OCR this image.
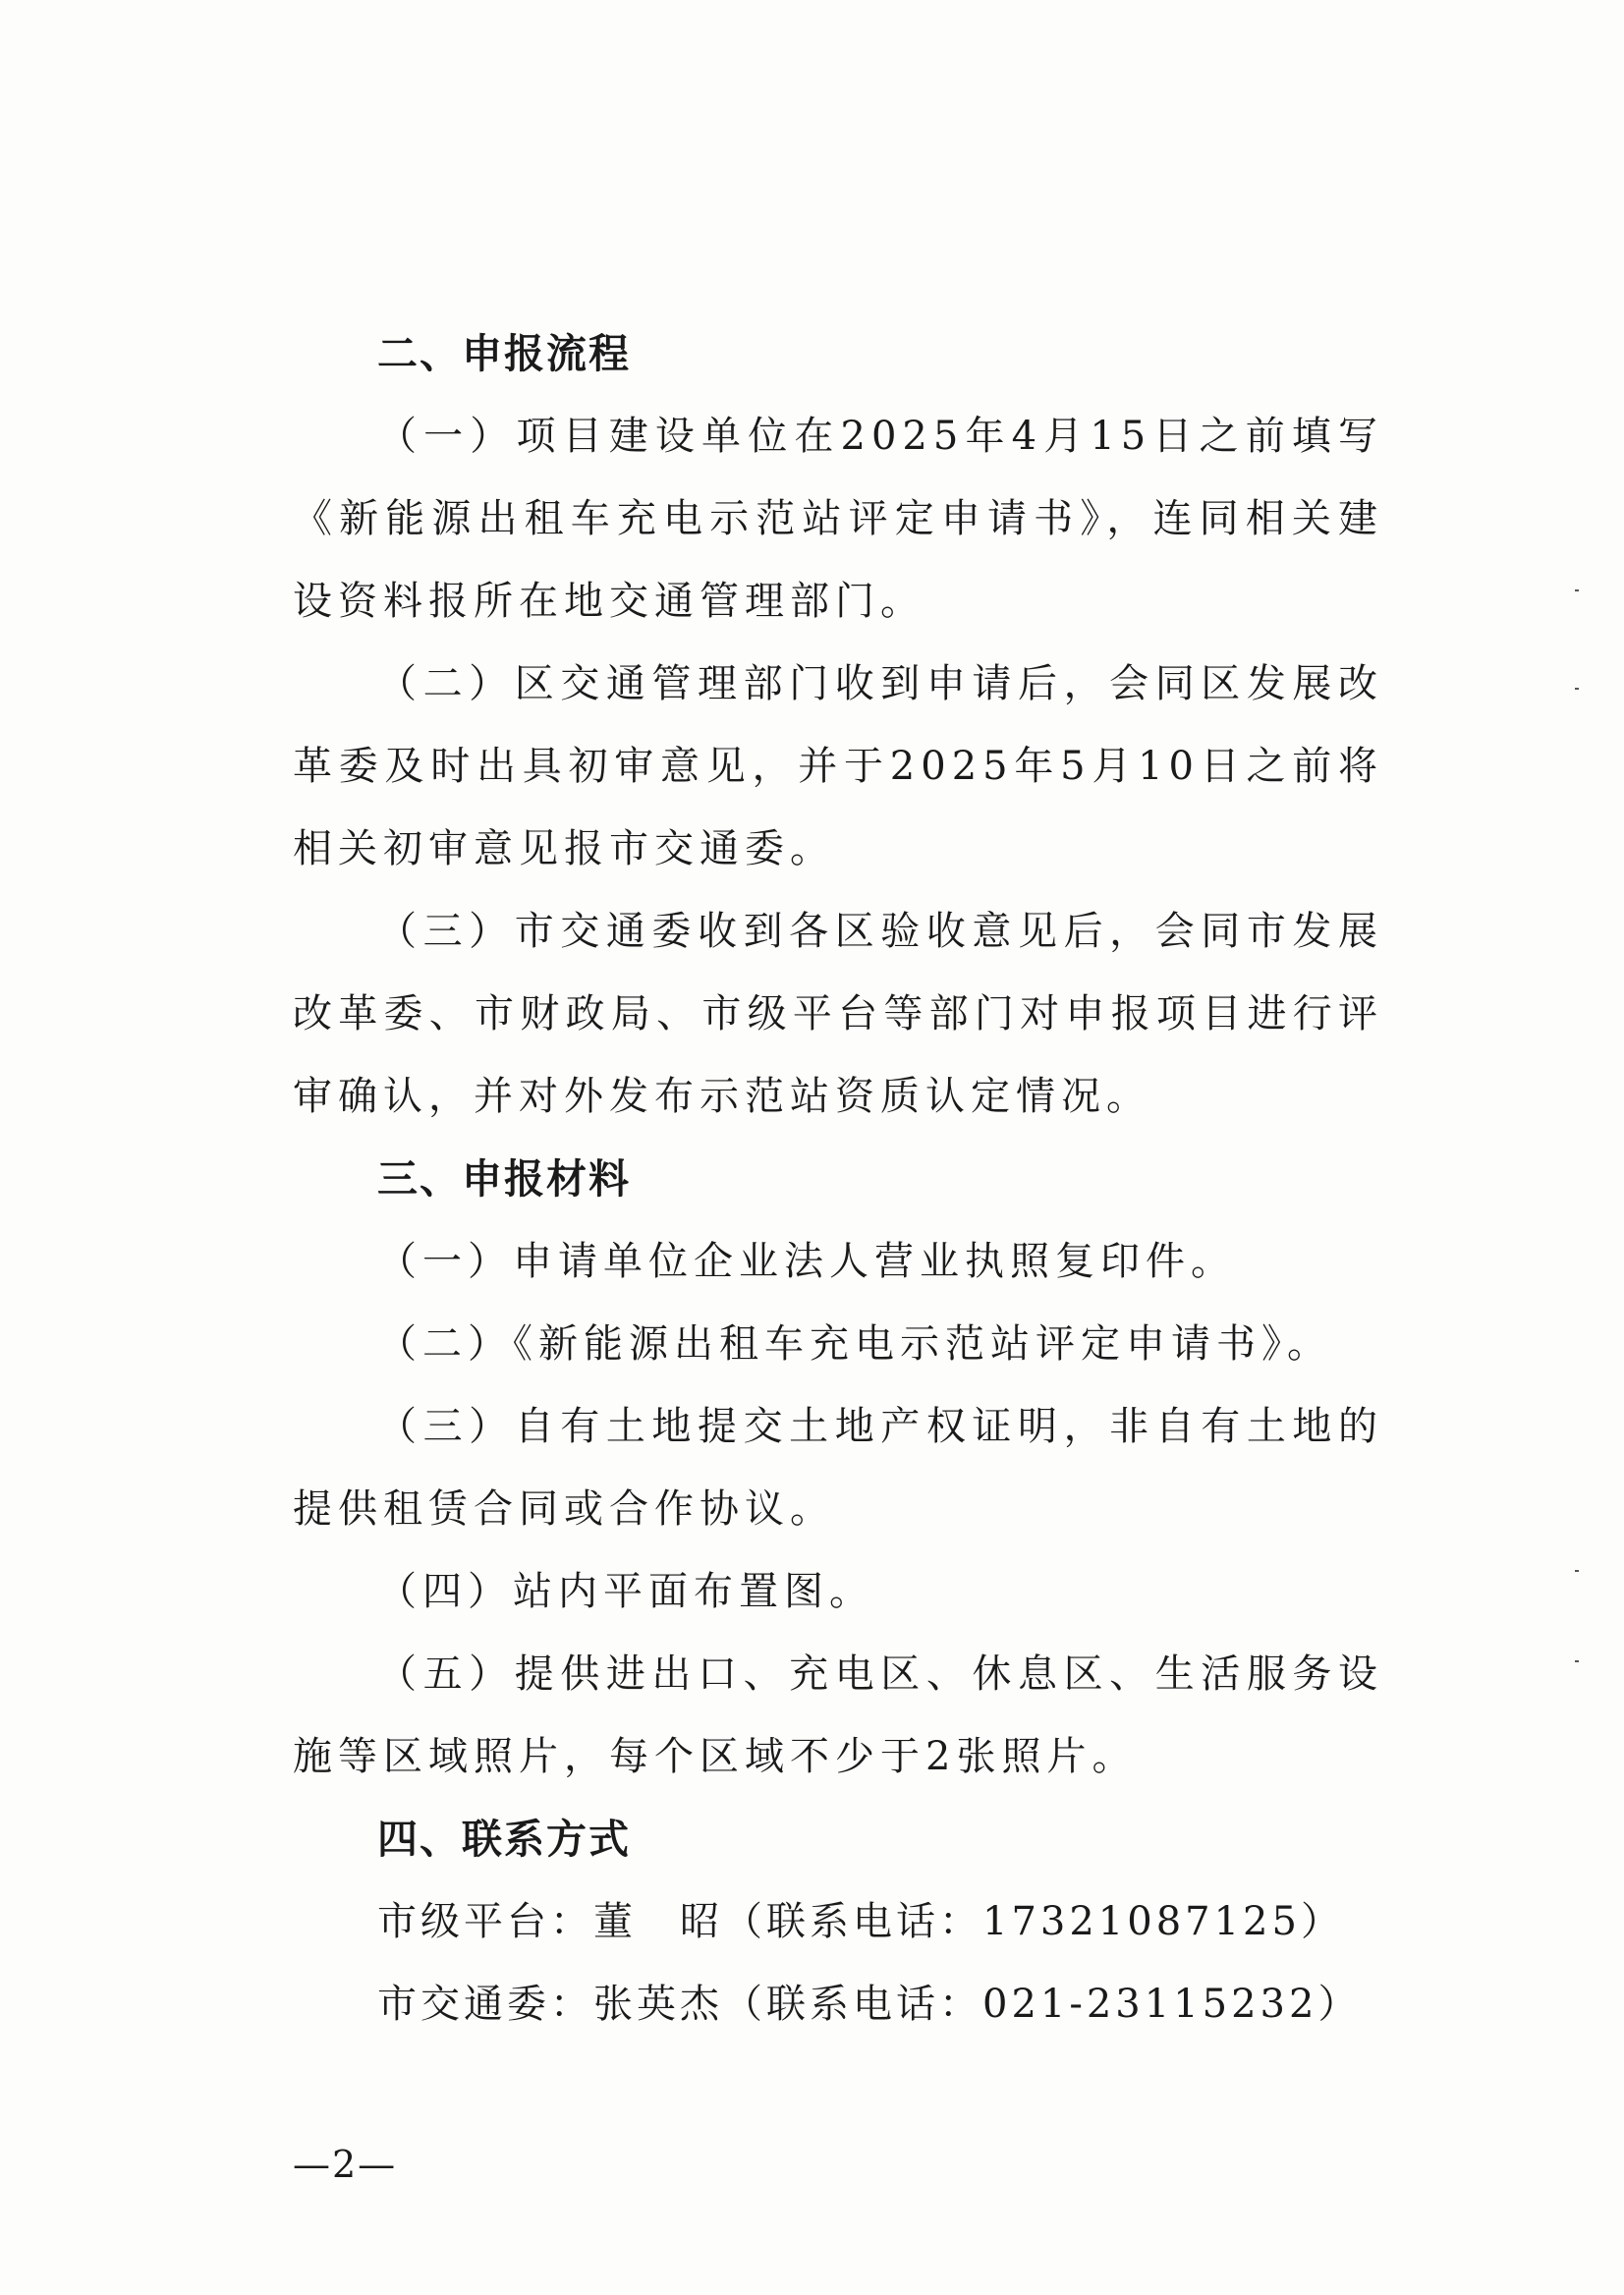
二、申报流程

（一）项目建设单位在2025年4月15日之前填写《新能源出租车充电示范站评定申请书》，连同相关建设资料报所在地交通管理部门。

（二）区交通管理部门收到申请后，会同区发展改革委及时出具初审意见，并于2025年5月10日之前将相关初审意见报市交通委。

（三）市交通委收到各区验收意见后，会同市发展改革委、市财政局、市级平台等部门对申报项目进行评审确认，并对外发布示范站资质认定情况。

三、申报材料

（一）申请单位企业法人营业执照复印件。

（二）《新能源出租车充电示范站评定申请书》。

（三）自有土地提交土地产权证明，非自有土地的提供租赁合同或合作协议。

（四）站内平面布置图。

（五）提供进出口、充电区、休息区、生活服务设施等区域照片，每个区域不少于2张照片。

四、联系方式

市级平台：董　昭（联系电话：17321087125）

市交通委：张英杰（联系电话：021-23115232）

—2—
